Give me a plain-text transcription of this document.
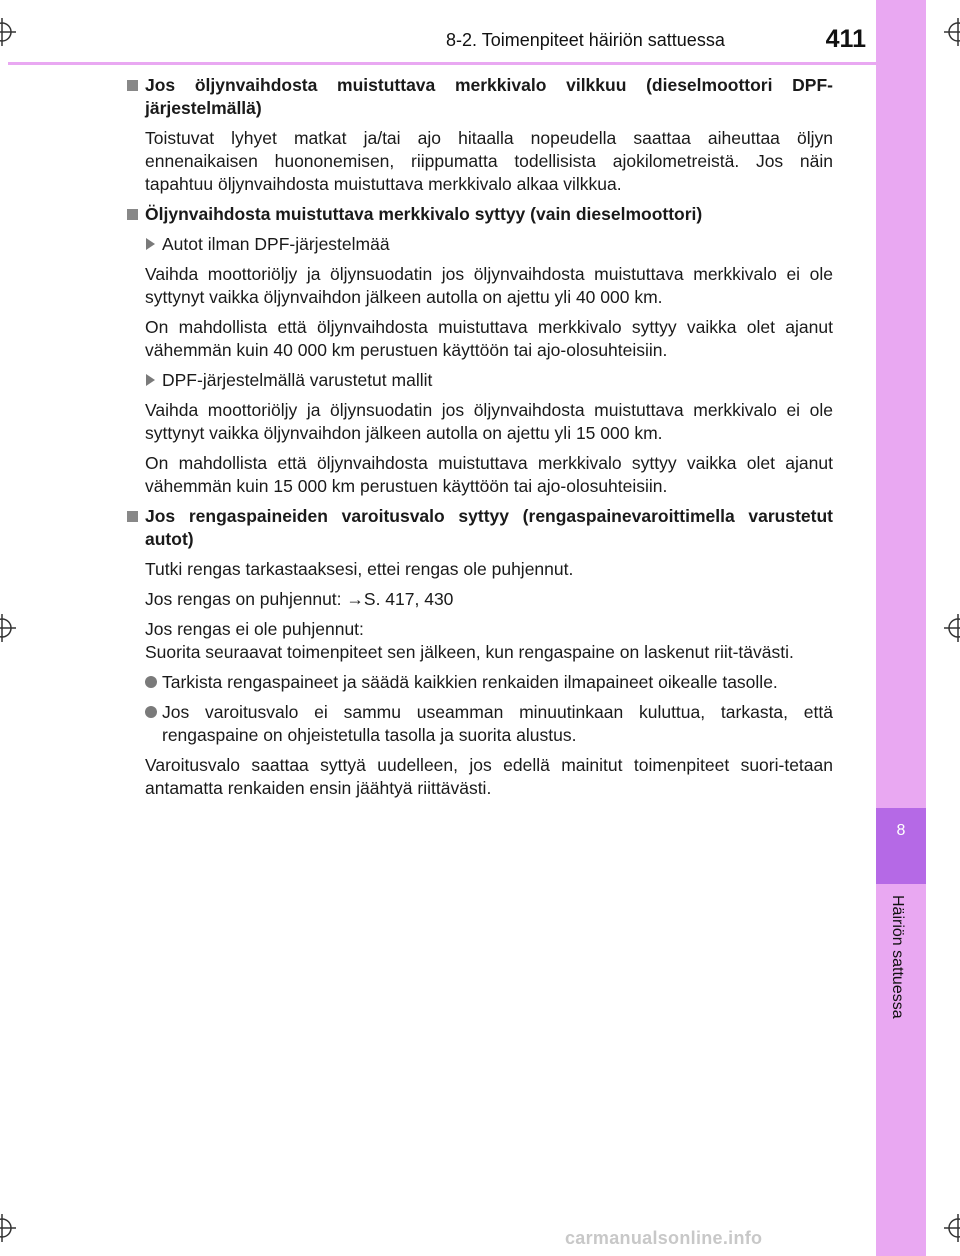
8
Häiriön sattuessa
8-2. Toimenpiteet häiriön sattuessa	411
Jos öljynvaihdosta muistuttava merkkivalo vilkkuu (dieselmoottori DPF-järjestelmällä)
Toistuvat lyhyet matkat ja/tai ajo hitaalla nopeudella saattaa aiheuttaa öljyn ennenaikaisen huononemisen, riippumatta todellisista ajokilometreistä. Jos näin tapahtuu öljynvaihdosta muistuttava merkkivalo alkaa vilkkua.
Öljynvaihdosta muistuttava merkkivalo syttyy (vain dieselmoottori)
Autot ilman DPF-järjestelmää
Vaihda moottoriöljy ja öljynsuodatin jos öljynvaihdosta muistuttava merkkivalo ei ole syttynyt vaikka öljynvaihdon jälkeen autolla on ajettu yli 40 000 km.
On mahdollista että öljynvaihdosta muistuttava merkkivalo syttyy vaikka olet ajanut vähemmän kuin 40 000 km perustuen käyttöön tai ajo-olosuhteisiin.
DPF-järjestelmällä varustetut mallit
Vaihda moottoriöljy ja öljynsuodatin jos öljynvaihdosta muistuttava merkkivalo ei ole syttynyt vaikka öljynvaihdon jälkeen autolla on ajettu yli 15 000 km.
On mahdollista että öljynvaihdosta muistuttava merkkivalo syttyy vaikka olet ajanut vähemmän kuin 15 000 km perustuen käyttöön tai ajo-olosuhteisiin.
Jos rengaspaineiden varoitusvalo syttyy (rengaspainevaroittimella varustetut autot)
Tutki rengas tarkastaaksesi, ettei rengas ole puhjennut.
Jos rengas on puhjennut: →S. 417, 430
Jos rengas ei ole puhjennut:
Suorita seuraavat toimenpiteet sen jälkeen, kun rengaspaine on laskenut riit-tävästi.
Tarkista rengaspaineet ja säädä kaikkien renkaiden ilmapaineet oikealle tasolle.
Jos varoitusvalo ei sammu useamman minuutinkaan kuluttua, tarkasta, että rengaspaine on ohjeistetulla tasolla ja suorita alustus.
Varoitusvalo saattaa syttyä uudelleen, jos edellä mainitut toimenpiteet suori-tetaan antamatta renkaiden ensin jäähtyä riittävästi.
carmanualsonline.info
